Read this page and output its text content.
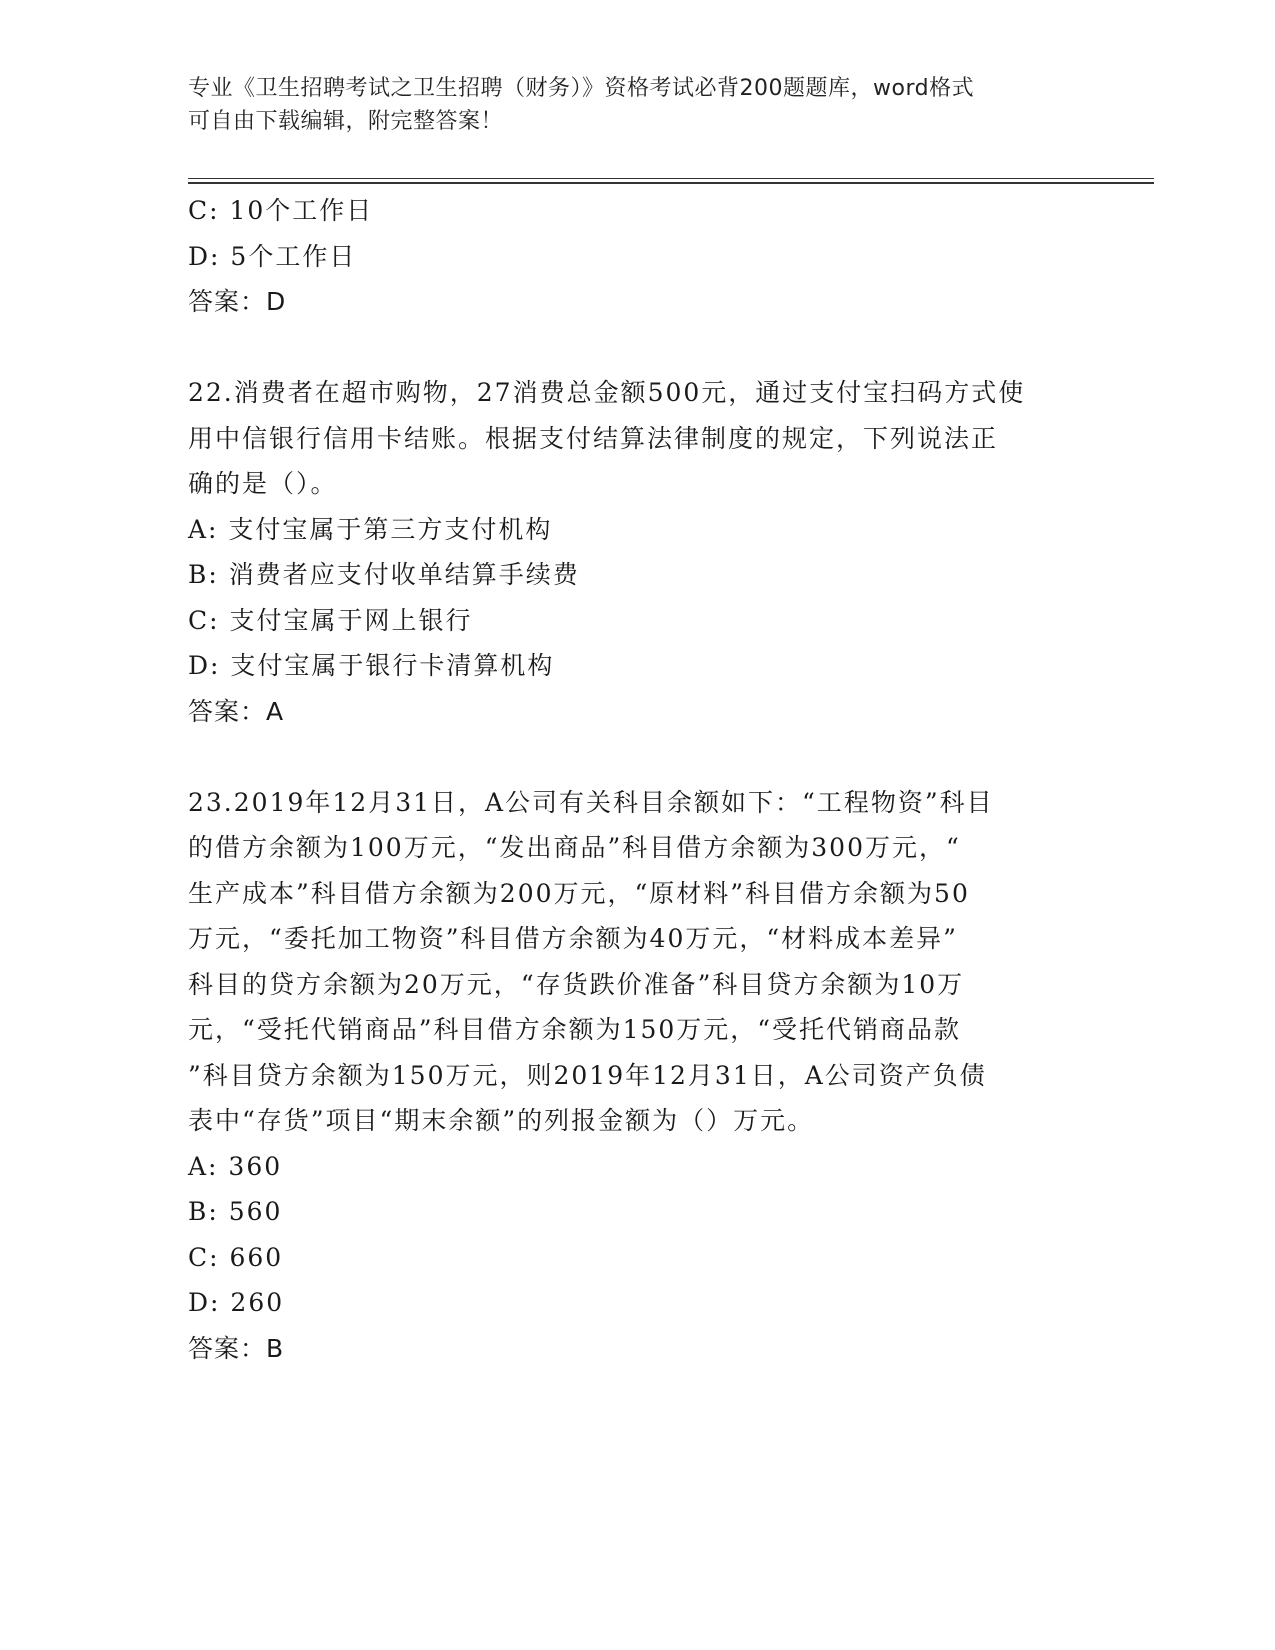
专业《卫生招聘考试之卫生招聘（财务）》资格考试必背200题题库，word格式
可自由下载编辑，附完整答案！
C: 10个工作日
D: 5个工作日
答案：D
22.消费者在超市购物，27消费总金额500元，通过支付宝扫码方式使
用中信银行信用卡结账。根据支付结算法律制度的规定，下列说法正
确的是（）。
A: 支付宝属于第三方支付机构
B: 消费者应支付收单结算手续费
C: 支付宝属于网上银行
D: 支付宝属于银行卡清算机构
答案：A
23.2019年12月31日，A公司有关科目余额如下：“工程物资”科目
的借方余额为100万元，“发出商品”科目借方余额为300万元，“
生产成本”科目借方余额为200万元，“原材料”科目借方余额为50
万元，“委托加工物资”科目借方余额为40万元，“材料成本差异”
科目的贷方余额为20万元，“存货跌价准备”科目贷方余额为10万
元，“受托代销商品”科目借方余额为150万元，“受托代销商品款
”科目贷方余额为150万元，则2019年12月31日，A公司资产负债
表中“存货”项目“期末余额”的列报金额为（）万元。
A: 360
B: 560
C: 660
D: 260
答案：B
